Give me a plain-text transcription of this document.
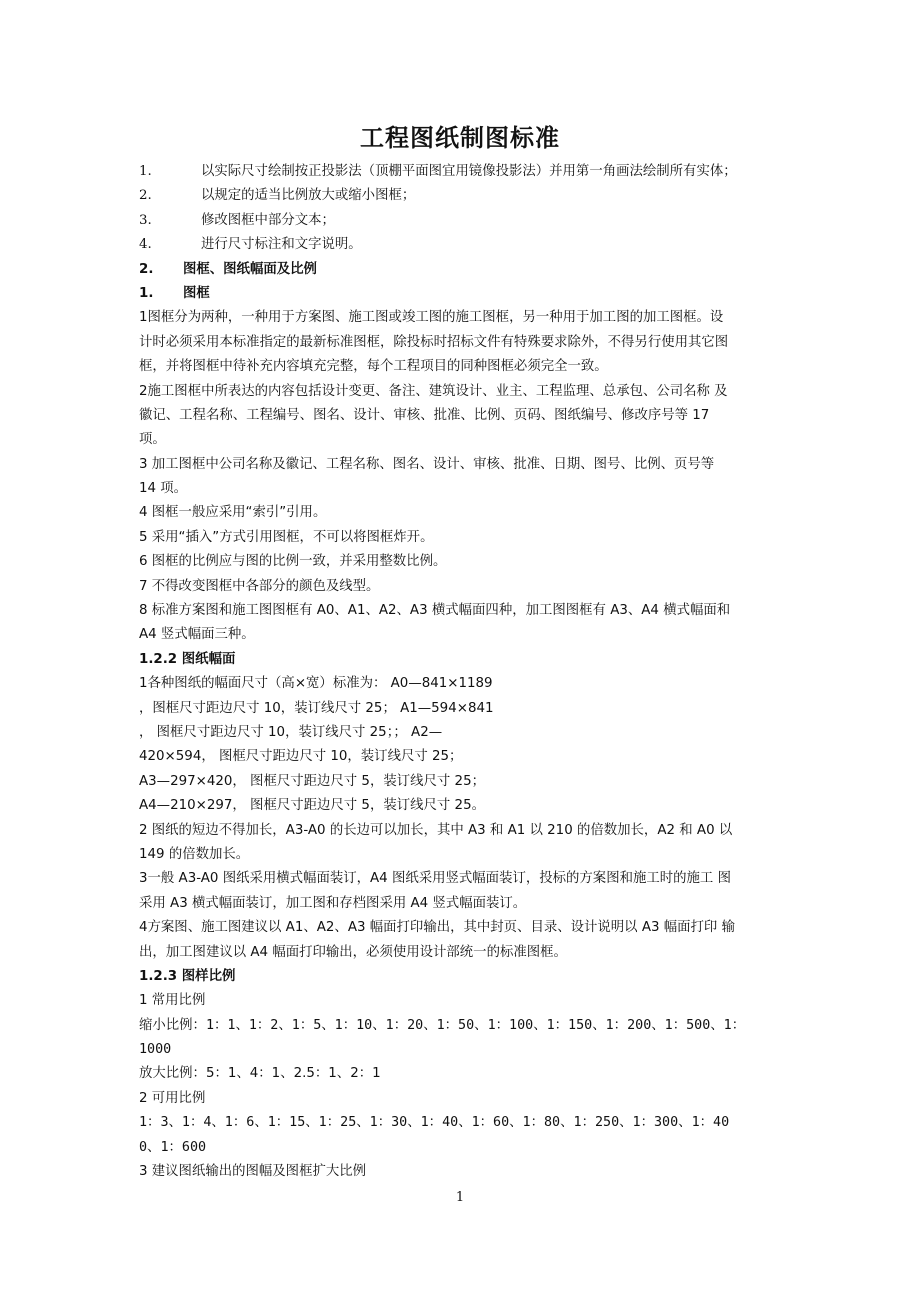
工程图纸制图标准
1.	以实际尺寸绘制按正投影法（顶棚平面图宜用镜像投影法）并用第一角画法绘制所有实体；
2.	以规定的适当比例放大或缩小图框；
3.	修改图框中部分文本；
4.	进行尺寸标注和文字说明。
2. 图框、图纸幅面及比例
1. 图框
1图框分为两种，一种用于方案图、施工图或竣工图的施工图框，另一种用于加工图的加工图框。设
计时必须采用本标准指定的最新标准图框，除投标时招标文件有特殊要求除外，不得另行使用其它图
框，并将图框中待补充内容填充完整，每个工程项目的同种图框必须完全一致。
2施工图框中所表达的内容包括设计变更、备注、建筑设计、业主、工程监理、总承包、公司名称 及
徽记、工程名称、工程编号、图名、设计、审核、批准、比例、页码、图纸编号、修改序号等 17
项。
3 加工图框中公司名称及徽记、工程名称、图名、设计、审核、批准、日期、图号、比例、页号等
14 项。
4 图框一般应采用“索引”引用。
5 采用“插入”方式引用图框，不可以将图框炸开。
6 图框的比例应与图的比例一致，并采用整数比例。
7 不得改变图框中各部分的颜色及线型。
8 标准方案图和施工图图框有 A0、A1、A2、A3 横式幅面四种，加工图图框有 A3、A4 横式幅面和
A4 竖式幅面三种。
1.2.2 图纸幅面
1各种图纸的幅面尺寸（高×宽）标准为： A0—841×1189
，图框尺寸距边尺寸 10，装订线尺寸 25； A1—594×841
， 图框尺寸距边尺寸 10，装订线尺寸 25；； A2—
420×594， 图框尺寸距边尺寸 10，装订线尺寸 25；
A3—297×420， 图框尺寸距边尺寸 5，装订线尺寸 25；
A4—210×297， 图框尺寸距边尺寸 5，装订线尺寸 25。
2 图纸的短边不得加长，A3-A0 的长边可以加长，其中 A3 和 A1 以 210 的倍数加长，A2 和 A0 以
149 的倍数加长。
3一般 A3-A0 图纸采用横式幅面装订，A4 图纸采用竖式幅面装订，投标的方案图和施工时的施工 图
采用 A3 横式幅面装订，加工图和存档图采用 A4 竖式幅面装订。
4方案图、施工图建议以 A1、A2、A3 幅面打印输出，其中封页、目录、设计说明以 A3 幅面打印 输
出，加工图建议以 A4 幅面打印输出，必须使用设计部统一的标准图框。
1.2.3 图样比例
1 常用比例
缩小比例：1：1、1：2、1：5、1：10、1：20、1：50、1：100、1：150、1：200、1：500、1：
1000
放大比例：5：1、4：1、2.5：1、2：1
2 可用比例
1：3、1：4、1：6、1：15、1：25、1：30、1：40、1：60、1：80、1：250、1：300、1：40
0、1：600
3 建议图纸输出的图幅及图框扩大比例
1
